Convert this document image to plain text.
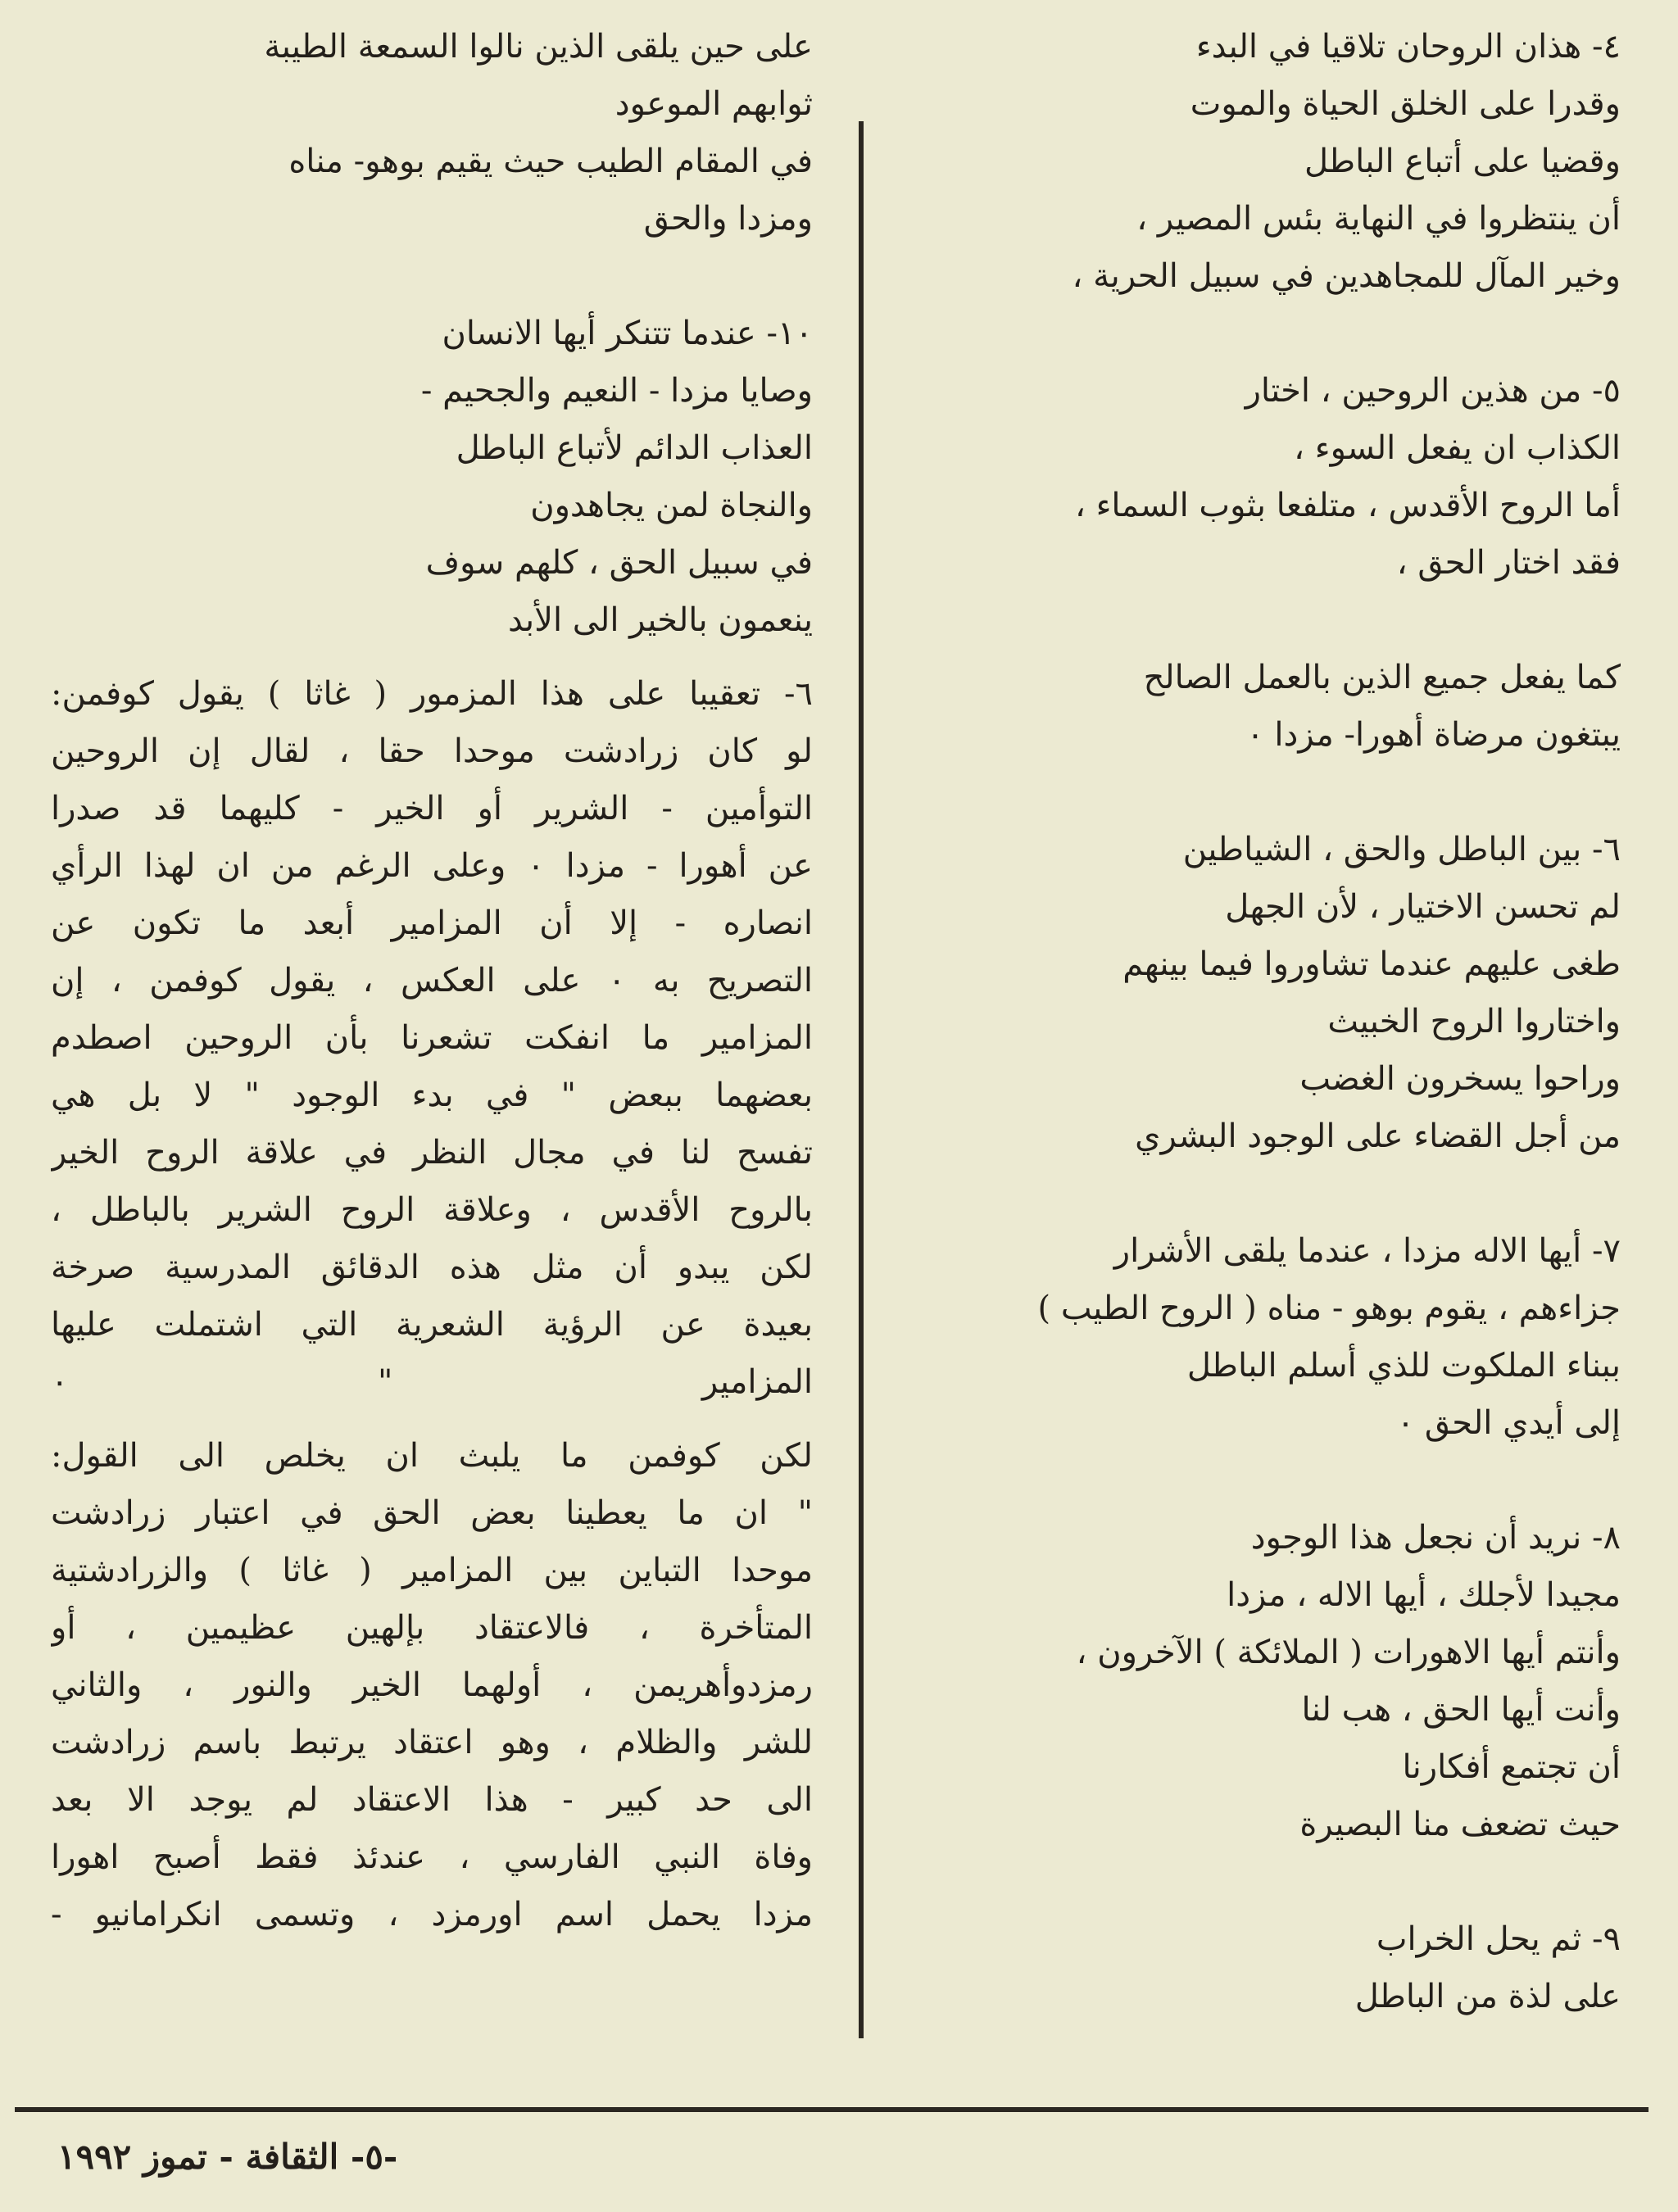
٤- هذان الروحان تلاقيا في البدء
وقدرا على الخلق الحياة والموت
وقضيا على أتباع الباطل
أن ينتظروا في النهاية بئس المصير ،
وخير المآل للمجاهدين في سبيل الحرية ،
٥- من هذين الروحين ، اختار
الكذاب ان يفعل السوء ،
أما الروح الأقدس ، متلفعا بثوب السماء ،
فقد اختار الحق ،
كما يفعل جميع الذين بالعمل الصالح
يبتغون مرضاة أهورا- مزدا ٠
٦- بين الباطل والحق ، الشياطين
لم تحسن الاختيار ، لأن الجهل
طغى عليهم عندما تشاوروا فيما بينهم
واختاروا الروح الخبيث
وراحوا يسخرون الغضب
من أجل القضاء على الوجود البشري
٧- أيها الاله مزدا ، عندما يلقى الأشرار
جزاءهم ، يقوم بوهو - مناه ( الروح الطيب )
ببناء الملكوت للذي أسلم الباطل
إلى أيدي الحق ٠
٨- نريد أن نجعل هذا الوجود
مجيدا لأجلك ، أيها الاله ، مزدا
وأنتم أيها الاهورات ( الملائكة ) الآخرون ،
وأنت أيها الحق ، هب لنا
أن تجتمع أفكارنا
حيث تضعف منا البصيرة
٩- ثم يحل الخراب
على لذة من الباطل
على حين يلقى الذين نالوا السمعة الطيبة
ثوابهم الموعود
في المقام الطيب حيث يقيم بوهو- مناه
ومزدا والحق
١٠- عندما تتنكر أيها الانسان
وصايا مزدا - النعيم والجحيم -
العذاب الدائم لأتباع الباطل
والنجاة لمن يجاهدون
في سبيل الحق ، كلهم سوف
ينعمون بالخير الى الأبد
٦- تعقيبا على هذا المزمور ( غاثا ) يقول كوفمن:
لو كان زرادشت موحدا حقا ، لقال إن الروحين
التوأمين - الشرير أو الخير - كليهما قد صدرا
عن أهورا - مزدا ٠ وعلى الرغم من ان لهذا الرأي
انصاره - إلا أن المزامير أبعد ما تكون عن
التصريح به ٠ على العكس ، يقول كوفمن ، إن
المزامير ما انفكت تشعرنا بأن الروحين اصطدم
بعضهما ببعض " في بدء الوجود " لا بل هي
تفسح لنا في مجال النظر في علاقة الروح الخير
بالروح الأقدس ، وعلاقة الروح الشرير بالباطل ،
لكن يبدو أن مثل هذه الدقائق المدرسية صرخة
بعيدة عن الرؤية الشعرية التي اشتملت عليها
المزامير " ٠
لكن كوفمن ما يلبث ان يخلص الى القول:
" ان ما يعطينا بعض الحق في اعتبار زرادشت
موحدا التباين بين المزامير ( غاثا ) والزرادشتية
المتأخرة ، فالاعتقاد بإلهين عظيمين ، أو
رمزدوأهريمن ، أولهما الخير والنور ، والثاني
للشر والظلام ، وهو اعتقاد يرتبط باسم زرادشت
الى حد كبير - هذا الاعتقاد لم يوجد الا بعد
وفاة النبي الفارسي ، عندئذ فقط أصبح اهورا
مزدا يحمل اسم اورمزد ، وتسمى انكرامانيو -
-٥- الثقافة - تموز ١٩٩٢
